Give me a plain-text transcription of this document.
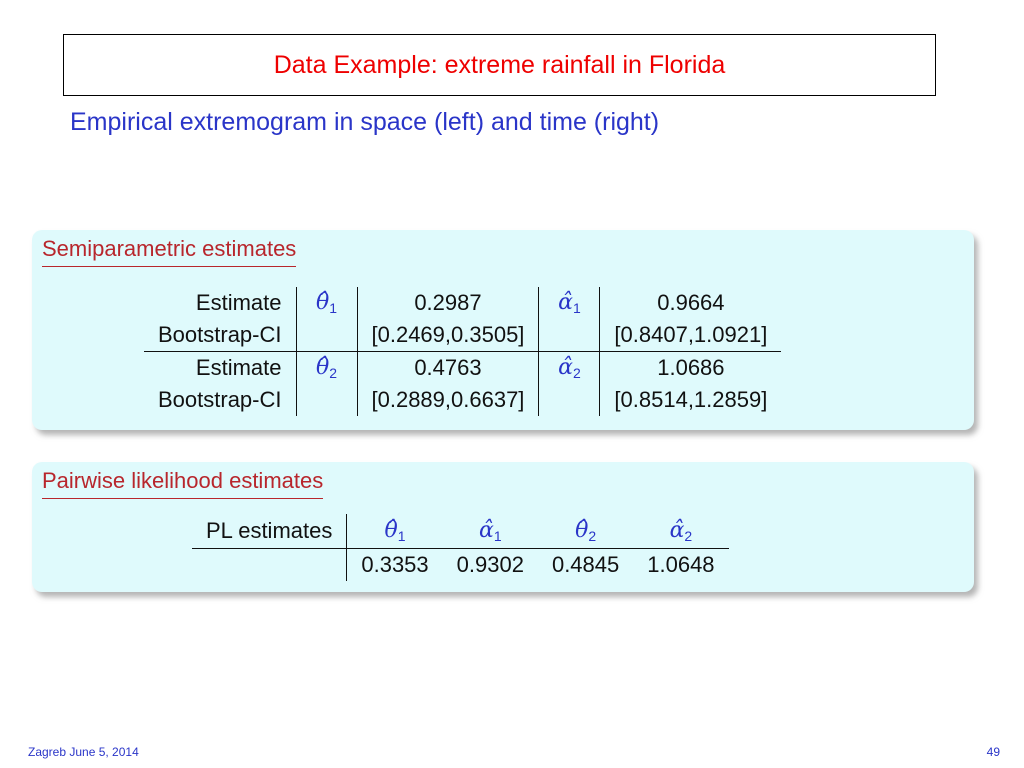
Data Example: extreme rainfall in Florida
Empirical extremogram in space (left) and time (right)
Semiparametric estimates
Estimate	$\thetâ_1$	0.2987	$\alphâ_1$	0.9664
Bootstrap-CI		[0.2469,0.3505]		[0.8407,1.0921]
Estimate	$\thetâ_2$	0.4763	$\alphâ_2$	1.0686
Bootstrap-CI		[0.2889,0.6637]		[0.8514,1.2859]
Pairwise likelihood estimates
PL estimates	$\thetâ_1$	$\alphâ_1$	$\thetâ_2$	$\alphâ_2$
	0.3353	0.9302	0.4845	1.0648
Zagreb June 5, 2014	49
